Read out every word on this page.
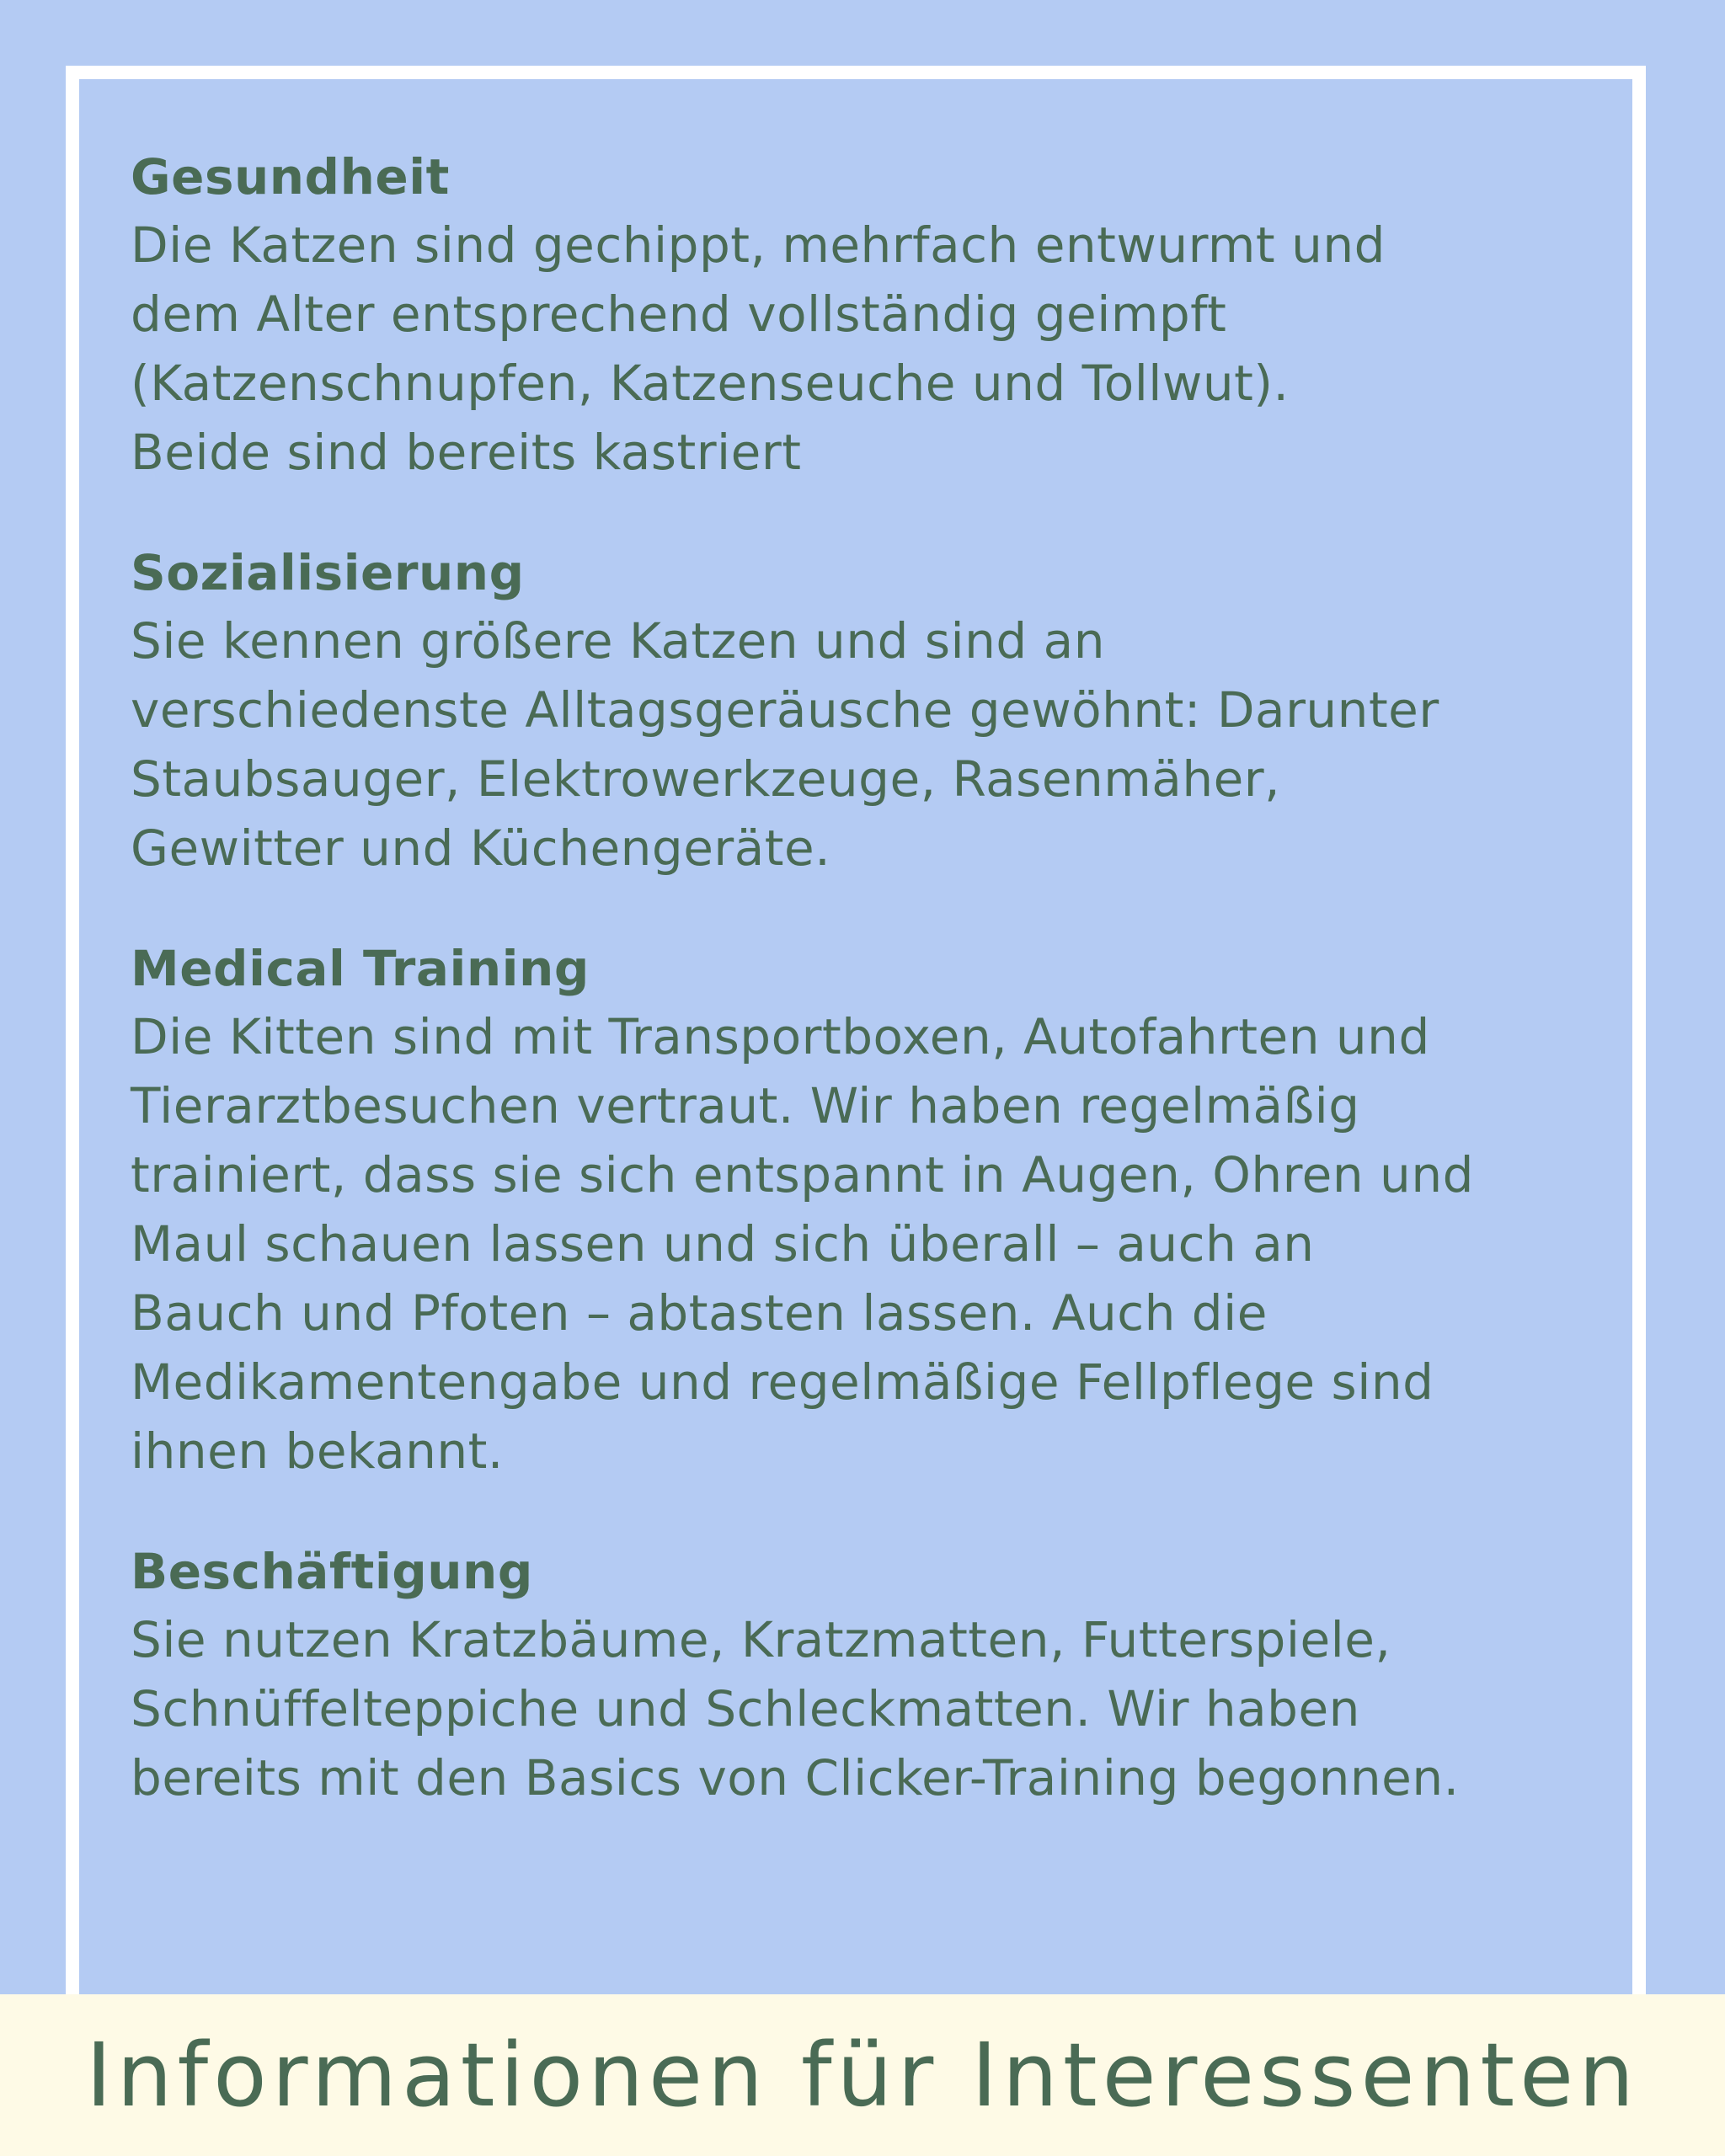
Gesundheit

Die Katzen sind gechippt, mehrfach entwurmt und
dem Alter entsprechend vollständig geimpft
(Katzenschnupfen, Katzenseuche und Tollwut).
Beide sind bereits kastriert

Sozialisierung

Sie kennen größere Katzen und sind an
verschiedenste Alltagsgeräusche gewöhnt: Darunter
Staubsauger, Elektrowerkzeuge, Rasenmäher,
Gewitter und Küchengeräte.

Medical Training

Die Kitten sind mit Transportboxen, Autofahrten und
Tierarztbesuchen vertraut. Wir haben regelmäßig
trainiert, dass sie sich entspannt in Augen, Ohren und
Maul schauen lassen und sich überall – auch an
Bauch und Pfoten – abtasten lassen. Auch die
Medikamentengabe und regelmäßige Fellpflege sind
ihnen bekannt.

Beschäftigung

Sie nutzen Kratzbäume, Kratzmatten, Futterspiele,
Schnüffelteppiche und Schleckmatten. Wir haben
bereits mit den Basics von Clicker-Training begonnen.

Informationen für Interessenten
